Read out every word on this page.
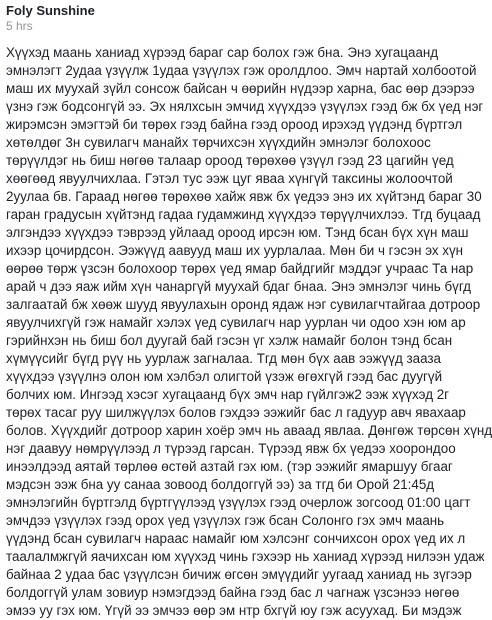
Foly Sunshine
5 hrs
Хүүхэд маань ханиад хүрээд бараг сар болох гэж бна. Энэ хугацаанд
эмнэлэгт 2удаа үзүүлж 1удаа үзүүлэх гэж оролдлоо. Эмч нартай холбоотой
маш их муухай зүйл сонсож байсан ч өөрийн нүдээр харна, бас өөр дээрээ
үзнэ гэж бодсонгүй ээ. Эх нялхсын эмчид хүүхдээ үзүүлэх гээд бж бх үед нэг
жирэмсэн эмэгтэй би төрөх гээд байна гээд ороод ирэхэд үүдэнд бүртгэл
хөтөлдөг 3н сувилагч манайх төрчихсэн хүүхдийн эмнэлэг болохоос
төрүүлдэг нь биш нөгөө талаар ороод төрөхөө үзүүл гээд 23 цагийн үед
хөөгөөд явуулчихлаа. Гэтэл тус ээж цуг яваа хүнгүй таксины жолоочтой
2уулаа бв. Гараад нөгөө төрөхөө хайж явж бх үедээ энэ их хүйтэнд бараг 30
гаран градусын хүйтэнд гадаа гудамжинд хүүхдээ төрүүлчихлээ. Тгд буцаад
элгэндээ хүүхдээ тэврээд уйлаад ороод ирсэн юм. Тэнд бсан бүх хүн маш
ихээр цочирдсон. Ээжүүд аавууд маш их уурлалаа. Мөн би ч гэсэн эх хүн
өөрөө төрж үзсэн болохоор төрөх үед ямар байдгийг мэддэг учраас Та нар
арай ч дээ яаж ийм хүн чанаргүй муухай бдаг бнаа. Энэ эмнэлэг чинь бүгд
залгаатай бж хөөж шууд явуулахын оронд ядаж нэг сувилагчтайгаа дотроор
явуулчихгүй гэж намайг хэлэх үед сувилагч нар уурлан чи одоо хэн юм ар
гэрийнхэн нь биш бол дуугай бай гэсэн үг хэлж намайг болон тэнд бсан
хүмүүсийг бүгд рүү нь уурлаж загналаа. Тгд мөн бүх аав ээжүүд зааза
хүүхдээ үзүүлнэ олон юм хэлбэл олигтой үзэж өгөхгүй гээд бас дуугүй
болчих юм. Ингээд хэсэг хугацаанд бүх эмч нар гүйлгэж2 ээж хүүхэд 2г
төрөх тасаг руу шилжүүлэх болов гэхдээ ээжийг бас л гадуур авч явахаар
болов. Хүүхдийг дотроор харин хоёр эмч нь аваад явлаа. Дөнгөж төрсөн хүнд
нэг даавуу нөмрүүлээд л түрээд гарсан. Түрээд явж бх үедээ хоорондоо
инээлдээд аятай төрлөө өстөй азтай гэх юм. (тэр ээжийг ямаршуу бгааг
мэдсэн ээж бна уу санаа зовоод болдоггүй ээ) за тгд би Орой 21:45д
эмнэлэгийн бүртгэлд бүртгүүлээд үзүүлэх гээд очерлож зогсоод 01:00 цагт
эмчдээ үзүүлэх гээд орох үед үзүүлэх гэж бсан Солонго гэх эмч маань
үүдэнд бсан сувилагч нараас намайг юм хэлсэнг сончихсон орох үед их л
таалалмжгүй яачихсан юм хүүхэд чинь гэхээр нь ханиад хүрээд нилээн удаж
байнаа 2 удаа бас үзүүлсэн бичиж өгсөн эмүүдийг уугаад ханиад нь зүгээр
болдоггүй улам зовиур нэмэгдээд байна гээд бас л чагнаж үзсэнээ нөгөө
эмээ уу гэх юм. Үгүй ээ эмчээ өөр эм нтр бхгүй юу гэж асуухад. Би мэдэж
